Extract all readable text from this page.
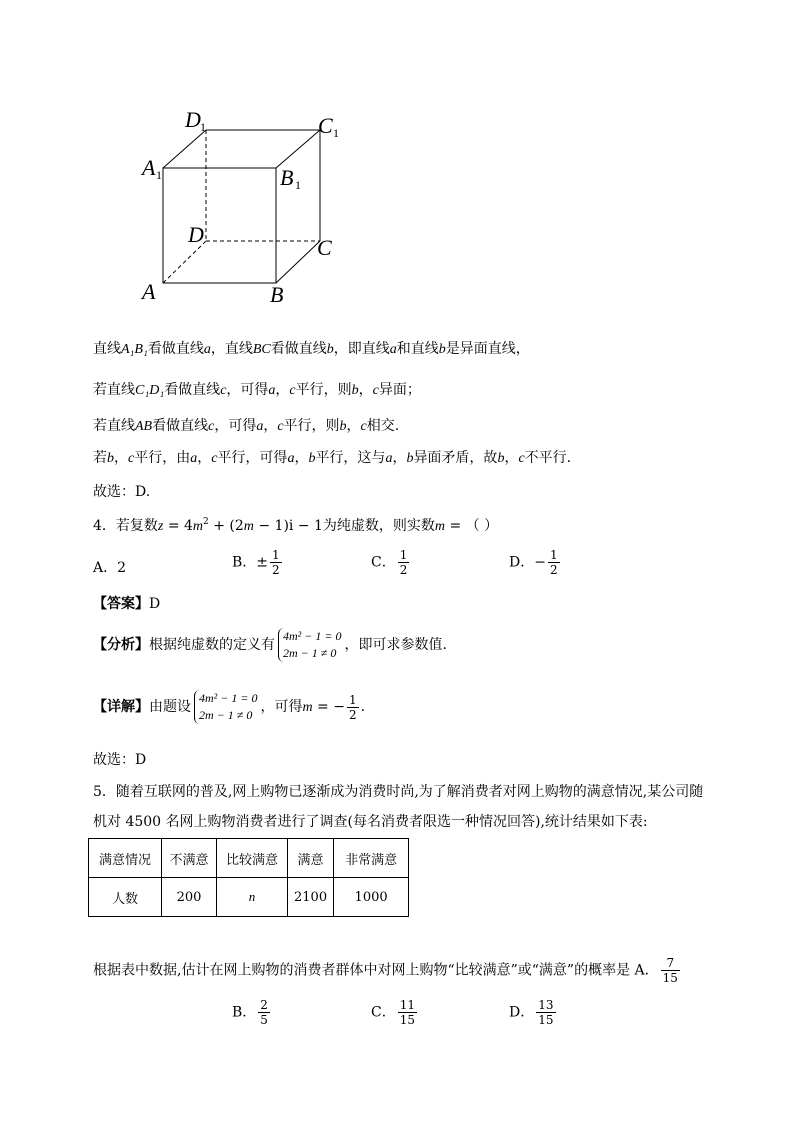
D 1	C 1
A 1	B 1
D
C
A	B
直线A₁B₁看做直线a，直线BC看做直线b，即直线a和直线b是异面直线，
若直线C₁D₁看做直线c，可得a，c平行，则b，c异面；
若直线AB看做直线c，可得a，c平行，则b，c相交.
若b，c平行，由a，c平行，可得a，b平行，这与a，b异面矛盾，故b，c不平行.
故选：D.
4．若复数$z = 4m^2 + (2m - 1)i - 1$为纯虚数，则实数m = （ ）
A．2	B．± $\frac{1}{2}$	C． $\frac{1}{2}$	D．− $\frac{1}{2}$
【答案】D
【分析】根据纯虚数的定义有
4m² − 1 = 0
2m − 1 ≠ 0 ，即可求参数值.
【详解】由题设
4m² − 1 = 0
2m − 1 ≠ 0 ，可得m = − $\frac{1}{2}$ .
故选：D
5．随着互联网的普及,网上购物已逐渐成为消费时尚,为了解消费者对网上购物的满意情况,某公司随
机对 4500 名网上购物消费者进行了调查(每名消费者限选一种情况回答),统计结果如下表:
满意情况	不满意	比较满意	满意	非常满意
人数	200	n	2100	1000
根据表中数据,估计在网上购物的消费者群体中对网上购物“比较满意”或“满意”的概率是 A． $\frac{7}{15}$
B． $\frac{2}{5}$	C． $\frac{11}{15}$	D． $\frac{13}{15}$
